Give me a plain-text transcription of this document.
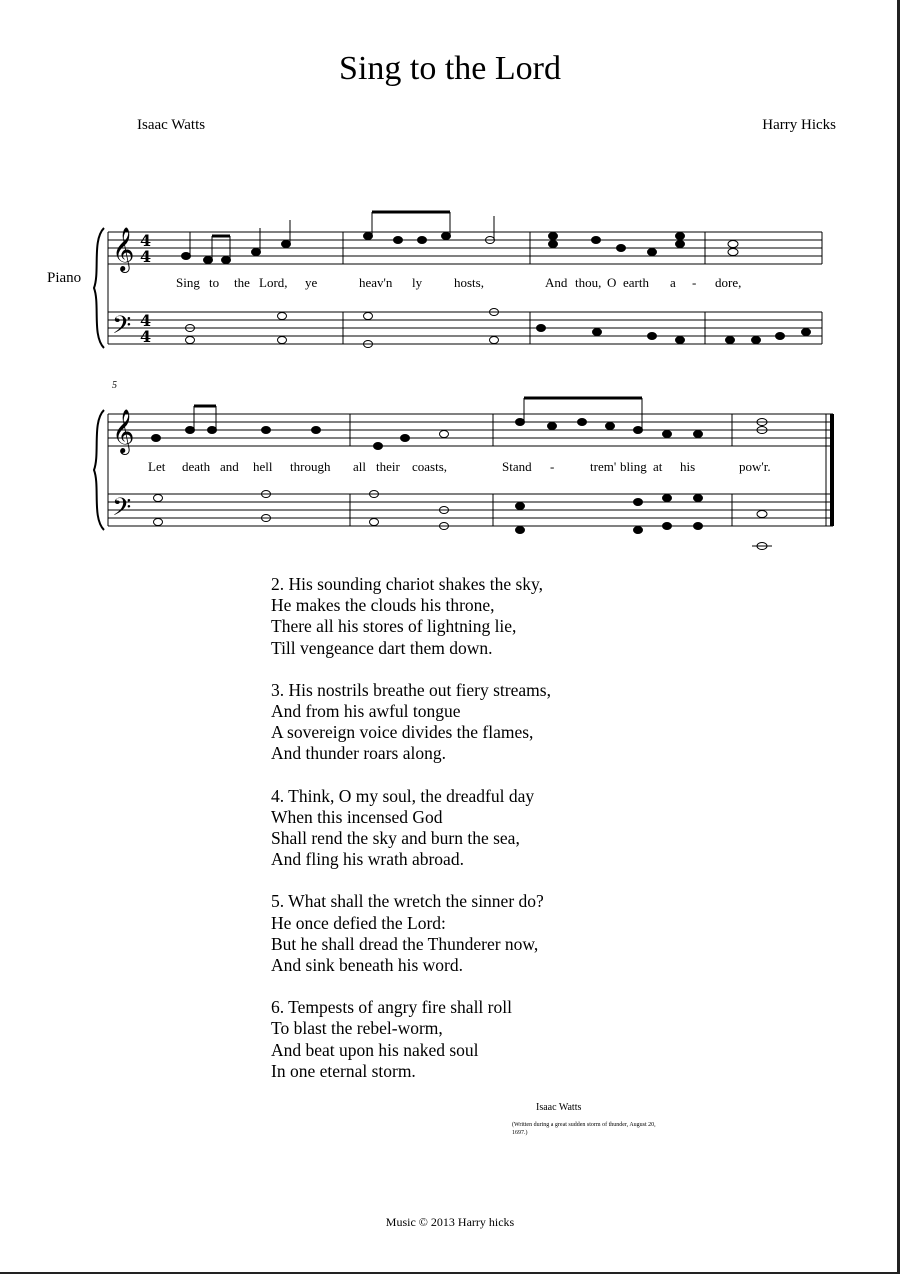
Sing to the Lord
Isaac Watts	Harry Hicks
Piano
𝄞
𝄢
4
4
4
4
𝄞
𝄢
Sing to the Lord, ye	heav'n ly hosts,	And thou, O earth a - dore,
Let death and hell through all their coasts,	Stand -	trem' bling at his	pow'r.
5
2. His sounding chariot shakes the sky,
He makes the clouds his throne,
There all his stores of lightning lie,
Till vengeance dart them down.
3. His nostrils breathe out fiery streams,
And from his awful tongue
A sovereign voice divides the flames,
And thunder roars along.
4. Think, O my soul, the dreadful day
When this incensed God
Shall rend the sky and burn the sea,
And fling his wrath abroad.
5. What shall the wretch the sinner do?
He once defied the Lord:
But he shall dread the Thunderer now,
And sink beneath his word.
6. Tempests of angry fire shall roll
To blast the rebel-worm,
And beat upon his naked soul
In one eternal storm.
Isaac Watts
(Written during a great sudden storm of thunder, August 20, 1697.)
Music © 2013 Harry hicks
